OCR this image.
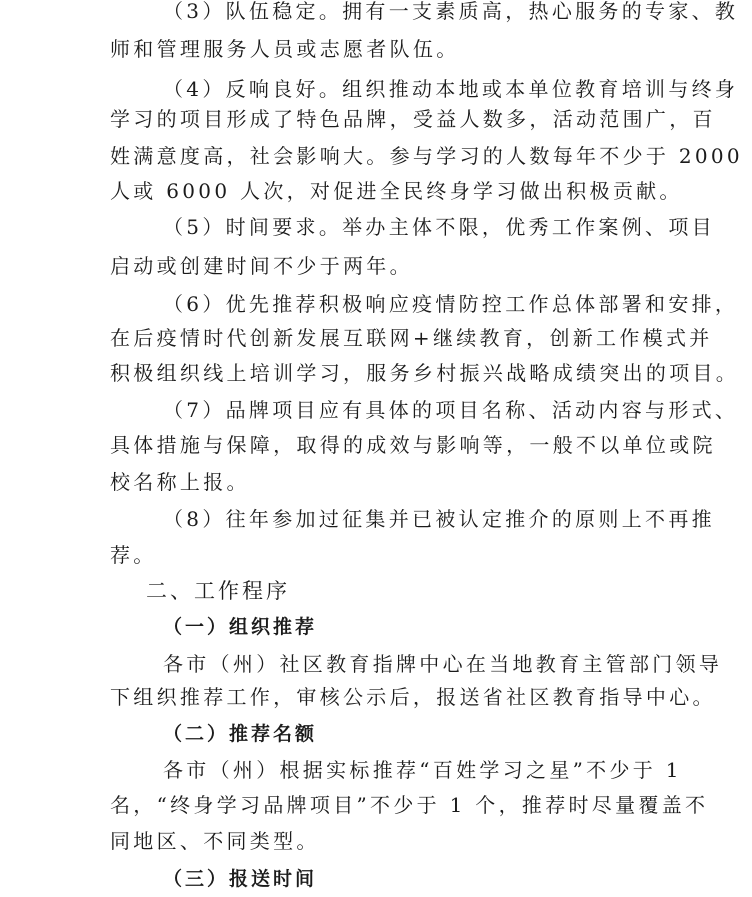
（3）队伍稳定。拥有一支素质高，热心服务的专家、教
师和管理服务人员或志愿者队伍。
（4）反响良好。组织推动本地或本单位教育培训与终身
学习的项目形成了特色品牌，受益人数多，活动范围广，百
姓满意度高，社会影响大。参与学习的人数每年不少于 2000
人或 6000 人次，对促进全民终身学习做出积极贡献。
（5）时间要求。举办主体不限，优秀工作案例、项目
启动或创建时间不少于两年。
（6）优先推荐积极响应疫情防控工作总体部署和安排，
在后疫情时代创新发展互联网+继续教育，创新工作模式并
积极组织线上培训学习，服务乡村振兴战略成绩突出的项目。
（7）品牌项目应有具体的项目名称、活动内容与形式、
具体措施与保障，取得的成效与影响等，一般不以单位或院
校名称上报。
（8）往年参加过征集并已被认定推介的原则上不再推
荐。
二、工作程序
（一）组织推荐
各市（州）社区教育指牌中心在当地教育主管部门领导
下组织推荐工作，审核公示后，报送省社区教育指导中心。
（二）推荐名额
各市（州）根据实标推荐“百姓学习之星”不少于 1
名，“终身学习品牌项目”不少于 1 个，推荐时尽量覆盖不
同地区、不同类型。
（三）报送时间
